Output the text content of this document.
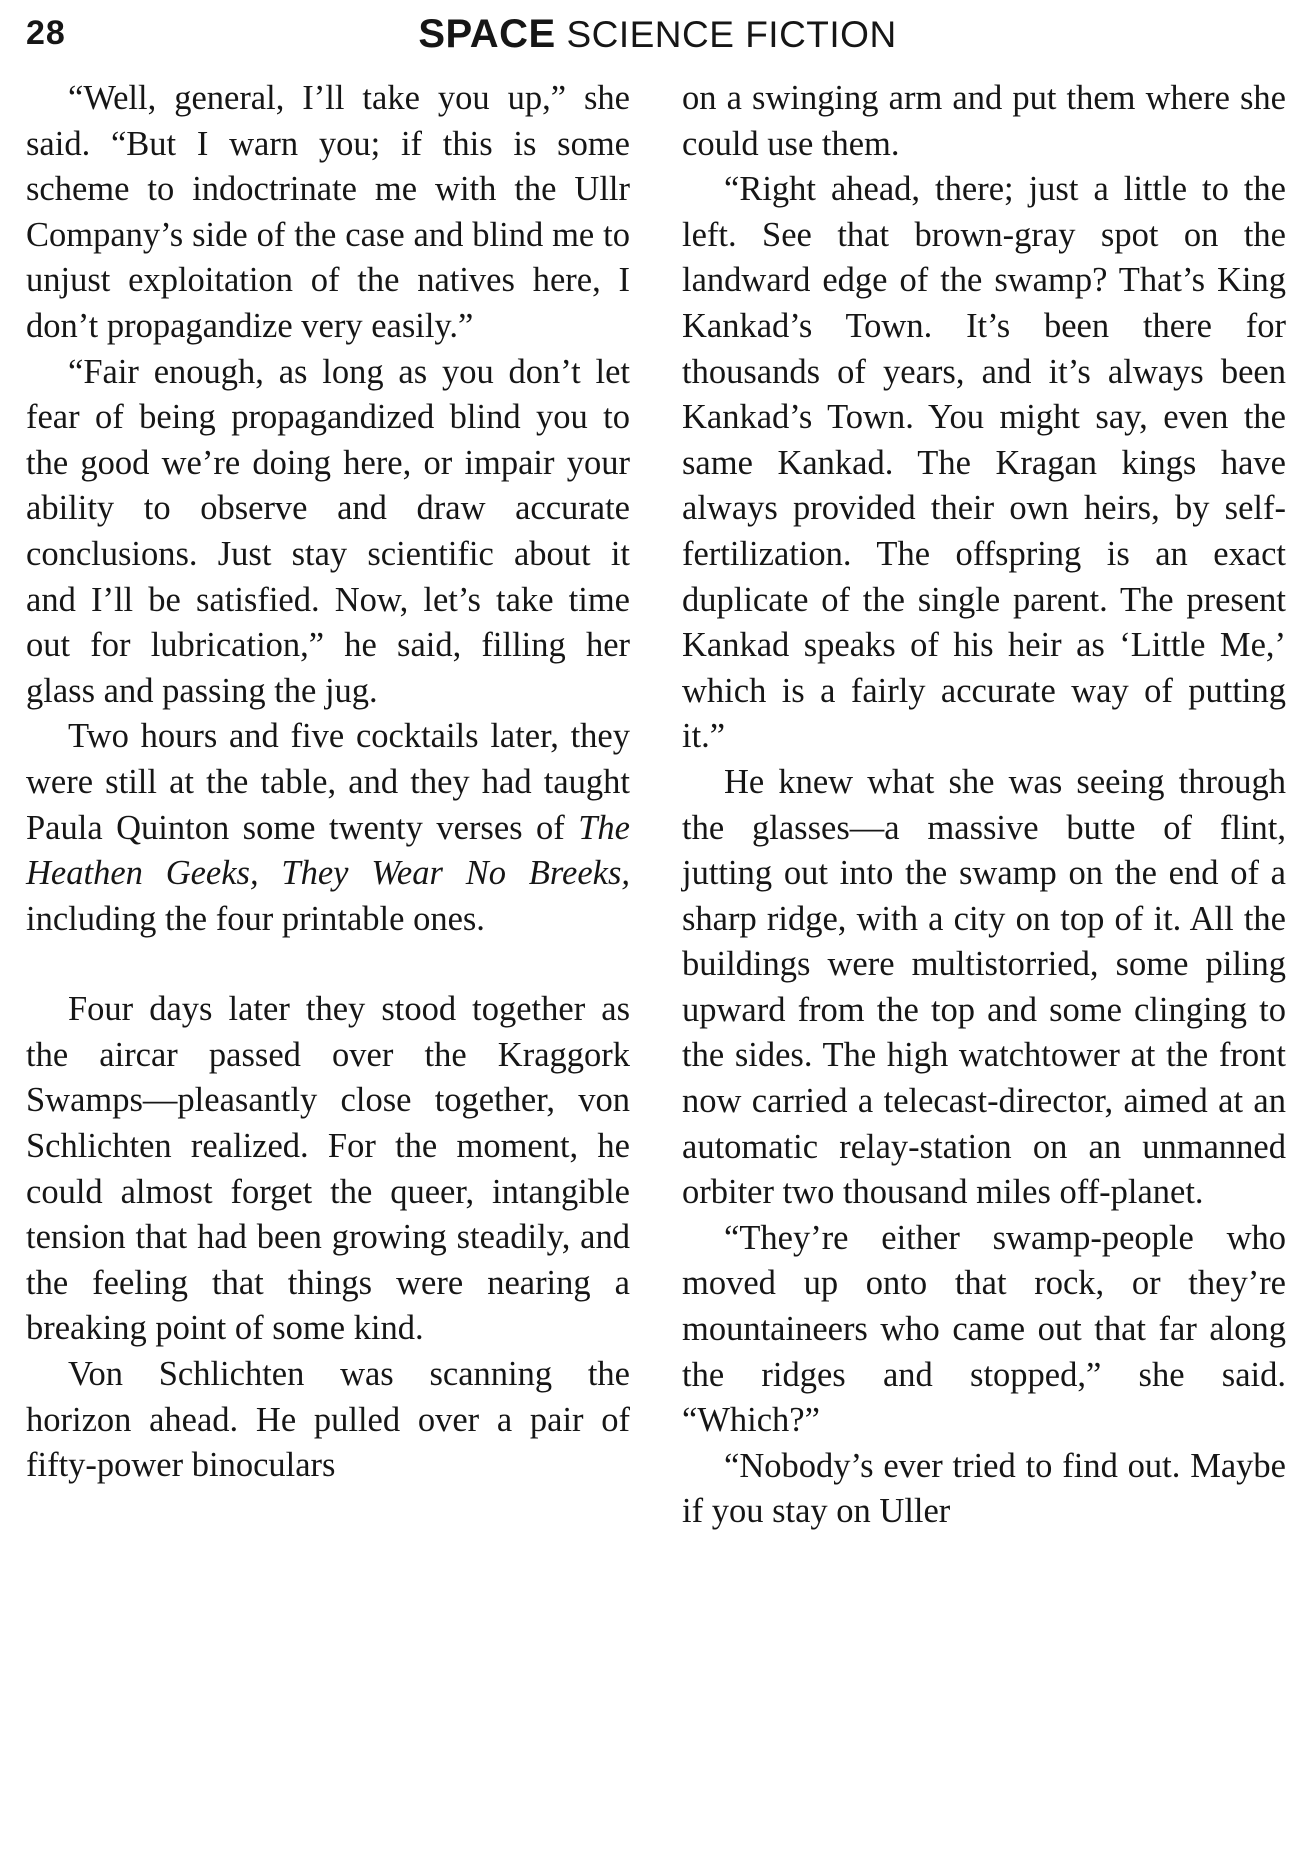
28	SPACE SCIENCE FICTION

“Well, general, I’ll take you up,” she said. “But I warn you; if this is some scheme to indoctrinate me with the Ullr Company’s side of the case and blind me to unjust exploitation of the natives here, I don’t propagandize very easily.”

“Fair enough, as long as you don’t let fear of being propagandized blind you to the good we’re doing here, or impair your ability to observe and draw accurate conclusions. Just stay scientific about it and I’ll be satisfied. Now, let’s take time out for lubrication,” he said, filling her glass and passing the jug.

Two hours and five cocktails later, they were still at the table, and they had taught Paula Quinton some twenty verses of The Heathen Geeks, They Wear No Breeks, including the four printable ones.

Four days later they stood together as the aircar passed over the Kraggork Swamps—pleasantly close together, von Schlichten realized. For the moment, he could almost forget the queer, intangible tension that had been growing steadily, and the feeling that things were nearing a breaking point of some kind.

Von Schlichten was scanning the horizon ahead. He pulled over a pair of fifty-power binoculars

on a swinging arm and put them where she could use them.

“Right ahead, there; just a little to the left. See that brown-gray spot on the landward edge of the swamp? That’s King Kankad’s Town. It’s been there for thousands of years, and it’s always been Kankad’s Town. You might say, even the same Kankad. The Kragan kings have always provided their own heirs, by self-fertilization. The offspring is an exact duplicate of the single parent. The present Kankad speaks of his heir as ‘Little Me,’ which is a fairly accurate way of putting it.”

He knew what she was seeing through the glasses—a massive butte of flint, jutting out into the swamp on the end of a sharp ridge, with a city on top of it. All the buildings were multistorried, some piling upward from the top and some clinging to the sides. The high watchtower at the front now carried a telecast-director, aimed at an automatic relay-station on an unmanned orbiter two thousand miles off-planet.

“They’re either swamp-people who moved up onto that rock, or they’re mountaineers who came out that far along the ridges and stopped,” she said. “Which?”

“Nobody’s ever tried to find out. Maybe if you stay on Uller
